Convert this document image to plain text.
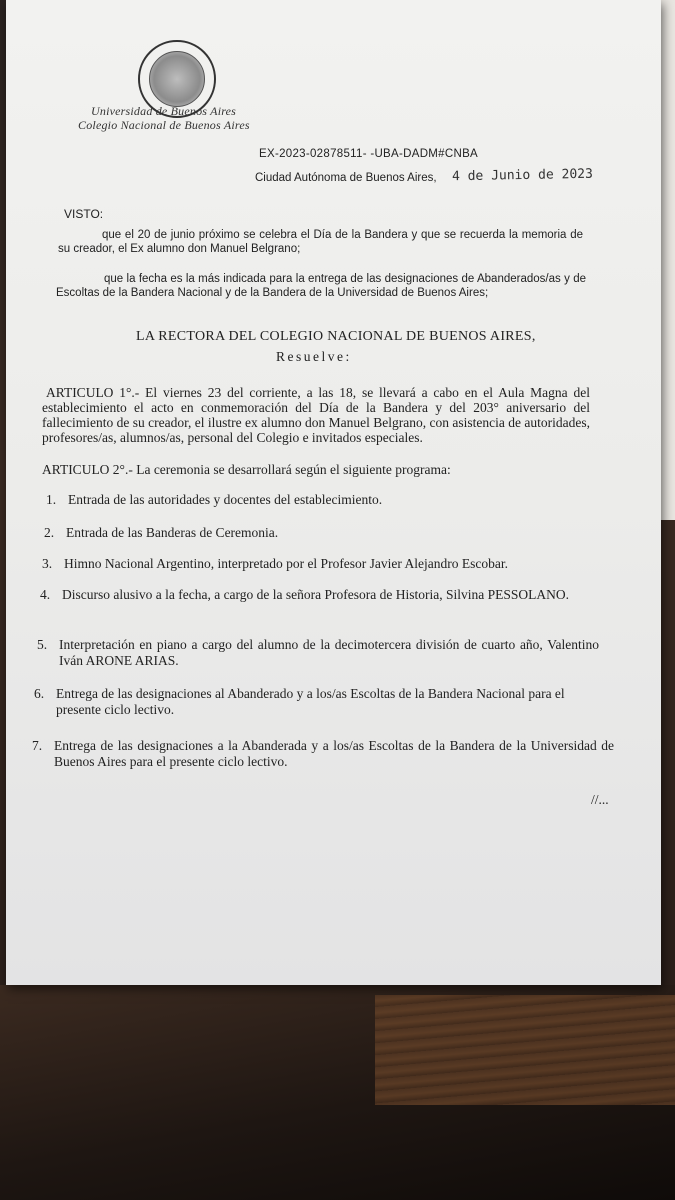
Universidad de Buenos Aires
Colegio Nacional de Buenos Aires
EX-2023-02878511- -UBA-DADM#CNBA
Ciudad Autónoma de Buenos Aires, 4 de Junio de 2023
VISTO:
que el 20 de junio próximo se celebra el Día de la Bandera y que se recuerda la memoria de su creador, el Ex alumno don Manuel Belgrano;
que la fecha es la más indicada para la entrega de las designaciones de Abanderados/as y de Escoltas de la Bandera Nacional y de la Bandera de la Universidad de Buenos Aires;
LA RECTORA DEL COLEGIO NACIONAL DE BUENOS AIRES,
Resuelve:
ARTICULO 1°.- El viernes 23 del corriente, a las 18, se llevará a cabo en el Aula Magna del establecimiento el acto en conmemoración del Día de la Bandera y del 203° aniversario del fallecimiento de su creador, el ilustre ex alumno don Manuel Belgrano, con asistencia de autoridades, profesores/as, alumnos/as, personal del Colegio e invitados especiales.
ARTICULO 2°.- La ceremonia se desarrollará según el siguiente programa:
1. Entrada de las autoridades y docentes del establecimiento.
2. Entrada de las Banderas de Ceremonia.
3. Himno Nacional Argentino, interpretado por el Profesor Javier Alejandro Escobar.
4. Discurso alusivo a la fecha, a cargo de la señora Profesora de Historia, Silvina PESSOLANO.
5. Interpretación en piano a cargo del alumno de la decimotercera división de cuarto año, Valentino Iván ARONE ARIAS.
6. Entrega de las designaciones al Abanderado y a los/as Escoltas de la Bandera Nacional para el presente ciclo lectivo.
7. Entrega de las designaciones a la Abanderada y a los/as Escoltas de la Bandera de la Universidad de Buenos Aires para el presente ciclo lectivo.
//...
